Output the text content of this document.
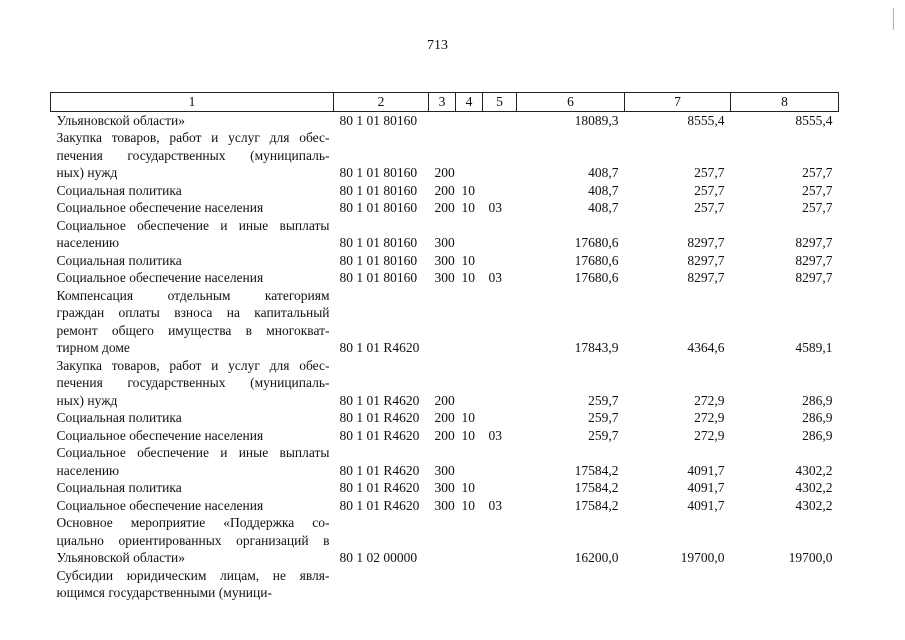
713
1	2	3	4	5	6	7	8

Ульяновской области»	80 1 01 80160				18089,3	8555,4	8555,4

Закупка товаров, работ и услуг для обес-
печения государственных (муниципаль-
ных) нужд	80 1 01 80160	200			408,7	257,7	257,7

Социальная политика	80 1 01 80160	200	10		408,7	257,7	257,7

Социальное обеспечение населения	80 1 01 80160	200	10	03	408,7	257,7	257,7

Социальное обеспечение и иные выплаты
населению	80 1 01 80160	300			17680,6	8297,7	8297,7

Социальная политика	80 1 01 80160	300	10		17680,6	8297,7	8297,7

Социальное обеспечение населения	80 1 01 80160	300	10	03	17680,6	8297,7	8297,7

Компенсация отдельным категориям
граждан оплаты взноса на капитальный
ремонт общего имущества в многокват-
тирном доме	80 1 01 R4620				17843,9	4364,6	4589,1

Закупка товаров, работ и услуг для обес-
печения государственных (муниципаль-
ных) нужд	80 1 01 R4620	200			259,7	272,9	286,9

Социальная политика	80 1 01 R4620	200	10		259,7	272,9	286,9

Социальное обеспечение населения	80 1 01 R4620	200	10	03	259,7	272,9	286,9

Социальное обеспечение и иные выплаты
населению	80 1 01 R4620	300			17584,2	4091,7	4302,2

Социальная политика	80 1 01 R4620	300	10		17584,2	4091,7	4302,2

Социальное обеспечение населения	80 1 01 R4620	300	10	03	17584,2	4091,7	4302,2

Основное мероприятие «Поддержка со-
циально ориентированных организаций в
Ульяновской области»	80 1 02 00000				16200,0	19700,0	19700,0

Субсидии юридическим лицам, не явля-
ющимся государственными (муници-							
